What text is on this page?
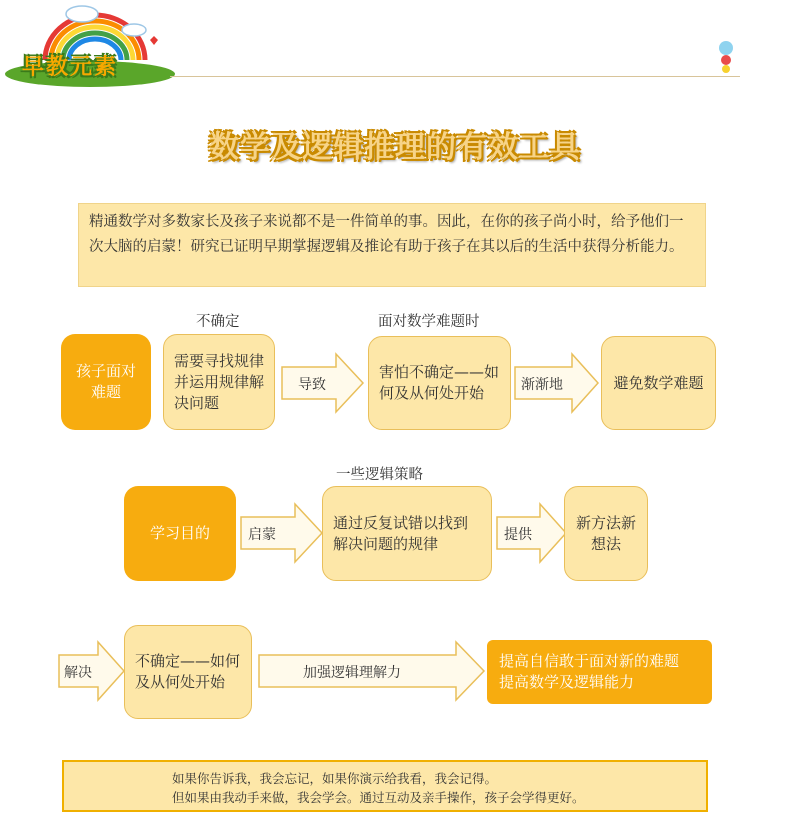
早教元素
数学及逻辑推理的有效工具
精通数学对多数家长及孩子来说都不是一件简单的事。因此，在你的孩子尚小时，给予他们一次大脑的启蒙！研究已证明早期掌握逻辑及推论有助于孩子在其以后的生活中获得分析能力。
不确定	面对数学难题时
孩子面对难题
需要寻找规律并运用规律解决问题
导致
害怕不确定——如何及从何处开始	渐渐地	避免数学难题
一些逻辑策略
学习目的	启蒙
通过反复试错以找到解决问题的规律	提供
新方法新想法
解决
不确定——如何及从何处开始	加强逻辑理解力
提高自信敢于面对新的难题
提高数学及逻辑能力
如果你告诉我，我会忘记，如果你演示给我看，我会记得。
但如果由我动手来做，我会学会。通过互动及亲手操作，孩子会学得更好。
